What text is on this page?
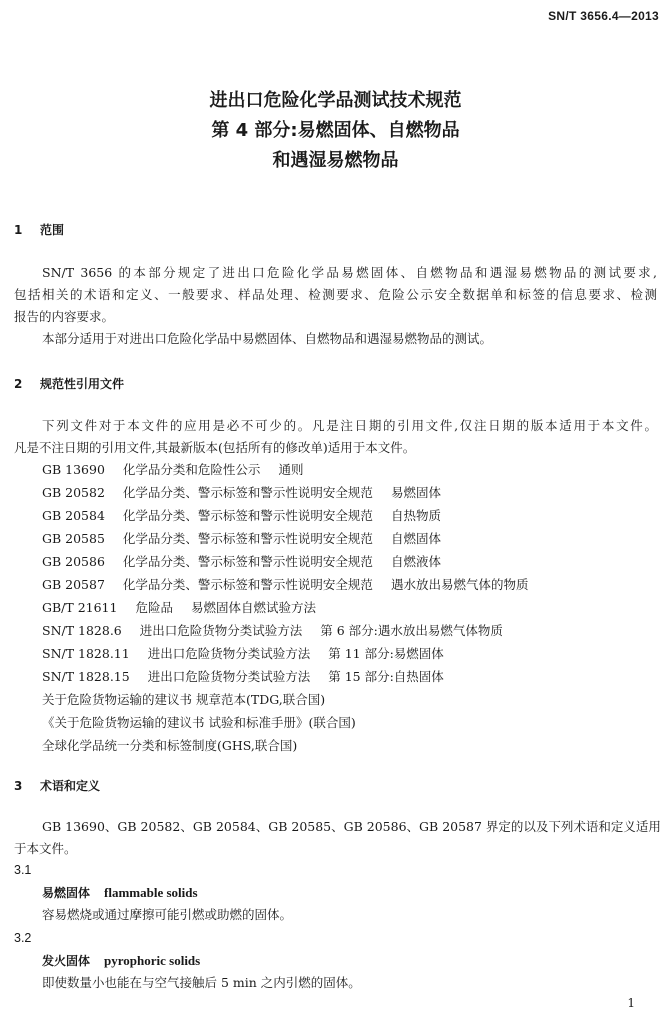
SN/T 3656.4—2013
进出口危险化学品测试技术规范
第 4 部分:易燃固体、自燃物品
和遇湿易燃物品
1 范围
SN/T 3656 的本部分规定了进出口危险化学品易燃固体、自燃物品和遇湿易燃物品的测试要求,
包括相关的术语和定义、一般要求、样品处理、检测要求、危险公示安全数据单和标签的信息要求、检测
报告的内容要求。
本部分适用于对进出口危险化学品中易燃固体、自燃物品和遇湿易燃物品的测试。
2 规范性引用文件
下列文件对于本文件的应用是必不可少的。凡是注日期的引用文件,仅注日期的版本适用于本文件。
凡是不注日期的引用文件,其最新版本(包括所有的修改单)适用于本文件。
GB 13690 化学品分类和危险性公示 通则
GB 20582 化学品分类、警示标签和警示性说明安全规范 易燃固体
GB 20584 化学品分类、警示标签和警示性说明安全规范 自热物质
GB 20585 化学品分类、警示标签和警示性说明安全规范 自燃固体
GB 20586 化学品分类、警示标签和警示性说明安全规范 自燃液体
GB 20587 化学品分类、警示标签和警示性说明安全规范 遇水放出易燃气体的物质
GB/T 21611 危险品 易燃固体自燃试验方法
SN/T 1828.6 进出口危险货物分类试验方法 第 6 部分:遇水放出易燃气体物质
SN/T 1828.11 进出口危险货物分类试验方法 第 11 部分:易燃固体
SN/T 1828.15 进出口危险货物分类试验方法 第 15 部分:自热固体
关于危险货物运输的建议书 规章范本(TDG,联合国)
《关于危险货物运输的建议书 试验和标准手册》(联合国)
全球化学品统一分类和标签制度(GHS,联合国)
3 术语和定义
GB 13690、GB 20582、GB 20584、GB 20585、GB 20586、GB 20587 界定的以及下列术语和定义适用
于本文件。
3.1
易燃固体 flammable solids
容易燃烧或通过摩擦可能引燃或助燃的固体。
3.2
发火固体 pyrophoric solids
即使数量小也能在与空气接触后 5 min 之内引燃的固体。
1
